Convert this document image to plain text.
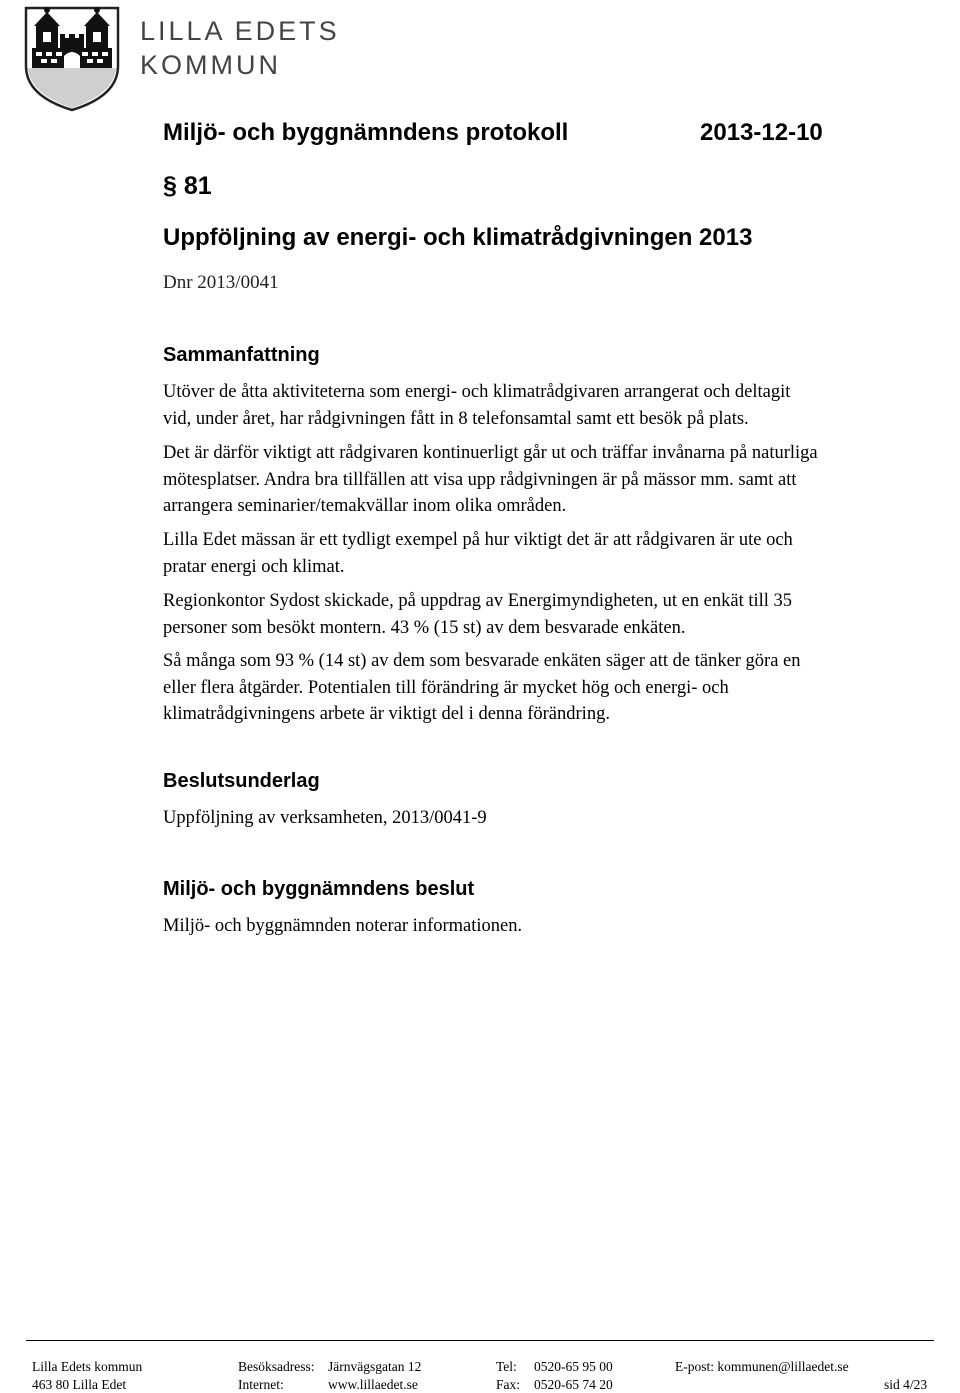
LILLA EDETS
KOMMUN
Miljö- och byggnämndens protokoll	2013-12-10
§ 81
Uppföljning av energi- och klimatrådgivningen 2013
Dnr 2013/0041
Sammanfattning
Utöver de åtta aktiviteterna som energi- och klimatrådgivaren arrangerat och deltagit
vid, under året, har rådgivningen fått in 8 telefonsamtal samt ett besök på plats.
Det är därför viktigt att rådgivaren kontinuerligt går ut och träffar invånarna på naturliga
mötesplatser. Andra bra tillfällen att visa upp rådgivningen är på mässor mm. samt att
arrangera seminarier/temakvällar inom olika områden.
Lilla Edet mässan är ett tydligt exempel på hur viktigt det är att rådgivaren är ute och
pratar energi och klimat.
Regionkontor Sydost skickade, på uppdrag av Energimyndigheten, ut en enkät till 35
personer som besökt montern. 43 % (15 st) av dem besvarade enkäten.
Så många som 93 % (14 st) av dem som besvarade enkäten säger att de tänker göra en
eller flera åtgärder. Potentialen till förändring är mycket hög och energi- och
klimatrådgivningens arbete är viktigt del i denna förändring.
Beslutsunderlag
Uppföljning av verksamheten, 2013/0041-9
Miljö- och byggnämndens beslut
Miljö- och byggnämnden noterar informationen.
Lilla Edets kommun
463 80 Lilla Edet
Besöksadress: Järnvägsgatan 12
Internet:	www.lillaedet.se
Tel: 0520-65 95 00
Fax: 0520-65 74 20
E-post: kommunen@lillaedet.se
sid 4/23
